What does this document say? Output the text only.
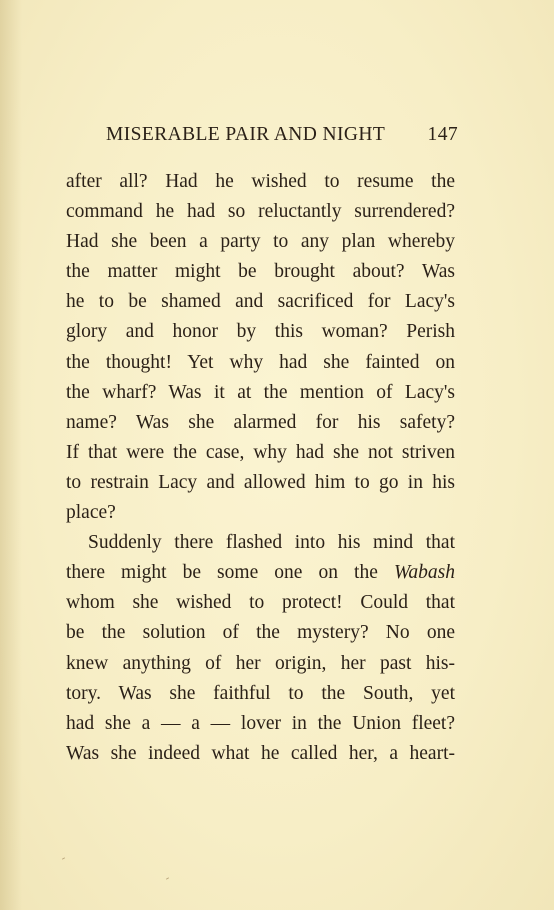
MISERABLE PAIR AND NIGHT 147
after all? Had he wished to resume the
command he had so reluctantly surrendered?
Had she been a party to any plan whereby
the matter might be brought about? Was
he to be shamed and sacrificed for Lacy's
glory and honor by this woman? Perish
the thought! Yet why had she fainted on
the wharf? Was it at the mention of Lacy's
name? Was she alarmed for his safety?
If that were the case, why had she not striven
to restrain Lacy and allowed him to go in his
place?
Suddenly there flashed into his mind that
there might be some one on the Wabash
whom she wished to protect! Could that
be the solution of the mystery? No one
knew anything of her origin, her past his-
tory. Was she faithful to the South, yet
had she a — a — lover in the Union fleet?
Was she indeed what he called her, a heart-
